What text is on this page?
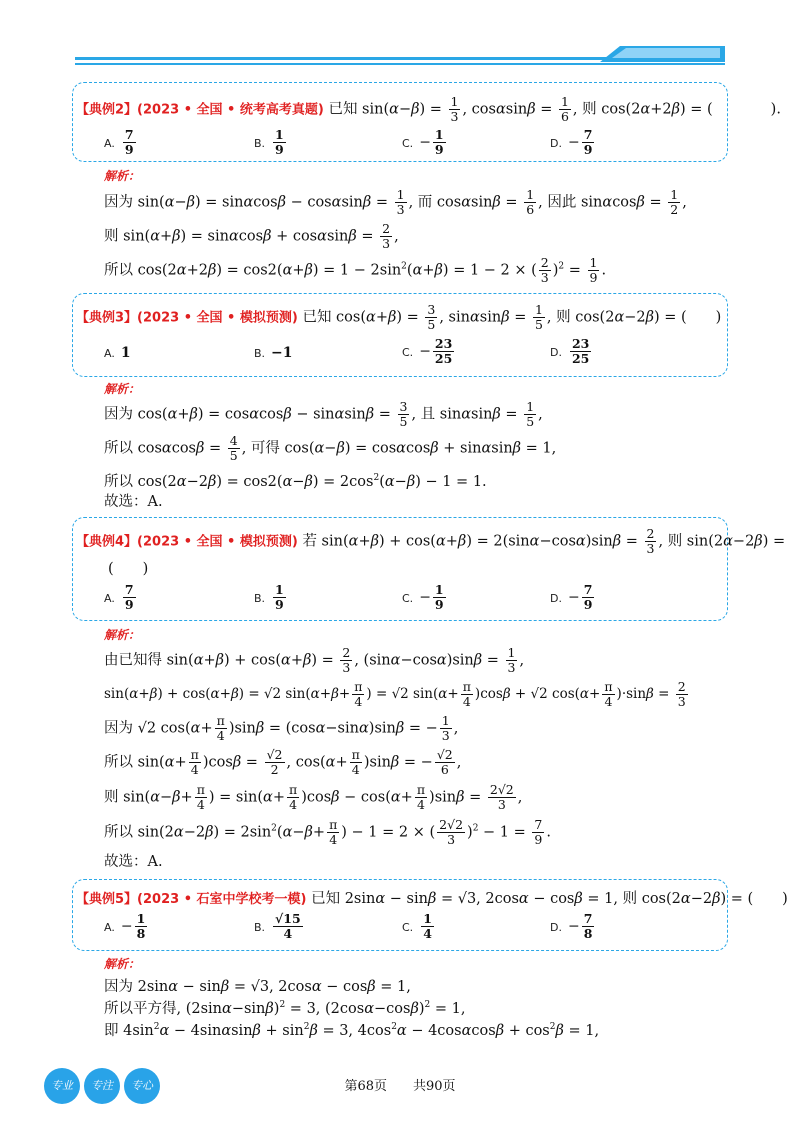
【典例2】(2023 • 全国 • 统考高考真题) 已知 $\sin(\alpha-\beta) = \frac{1}{3}$ , $\cos\alpha\sin\beta = \frac{1}{6}$ , 则 cos(2α+2β) = (　　　　).
A. $\frac{7}{9}$	B. $\frac{1}{9}$	C. − $\frac{1}{9}$	D. − $\frac{7}{9}$
解析：
因为 $\sin(\alpha-\beta) = \sin\alpha\cos\beta - \cos\alpha\sin\beta = \frac{1}{3}$ , 而 $\cos\alpha\sin\beta = \frac{1}{6}$ , 因此 $\sin\alpha\cos\beta = \frac{1}{2}$ ,
则 $\sin(\alpha+\beta) = \sin\alpha\cos\beta + \cos\alpha\sin\beta = \frac{2}{3}$ ,
所以 $\cos(2\alpha+2\beta) = \cos 2(\alpha+\beta) = 1 - 2\sin^2(\alpha+\beta) = 1 - 2$ × ( $\frac{2}{3} )^2 = \frac{1}{9}$ .
【典例3】(2023 • 全国 • 模拟预测) 已知 $\cos(\alpha+\beta) = \frac{3}{5}$ , $\sin\alpha\sin\beta = \frac{1}{5}$ , 则 cos(2α−2β) = (　　)
A. 1	B. −1	C. − $\frac{23}{25}$	D. $\frac{23}{25}$
解析：
因为 $\cos(\alpha+\beta) = \cos\alpha\cos\beta - \sin\alpha\sin\beta = \frac{3}{5}$ , 且 $\sin\alpha\sin\beta = \frac{1}{5}$ ,
所以 $\cos\alpha\cos\beta = \frac{4}{5}$ , 可得 cos(α−β) = cosαcosβ + sinαsinβ = 1,
所以 $\cos(2\alpha-2\beta) = \cos 2(\alpha-\beta) = 2\cos^2(\alpha-\beta) - 1 = 1$.
故选：A.
【典例4】(2023 • 全国 • 模拟预测) 若 $\sin(\alpha+\beta) + \cos(\alpha+\beta) = 2(\sin\alpha-\cos\alpha)\sin\beta = \frac{2}{3}$ , 则 sin(2α−2β) =
(　　)
A. $\frac{7}{9}$	B. $\frac{1}{9}$	C. − $\frac{1}{9}$	D. − $\frac{7}{9}$
解析：
由已知得 $\sin(\alpha+\beta) + \cos(\alpha+\beta) = \frac{2}{3}$ , $(\sin\alpha-\cos\alpha)\sin\beta = \frac{1}{3}$ ,
sin(α+β) + cos(α+β) = √2 $\sin(\alpha+\beta+ \frac{\pi}{4}$ ) = √2 $\sin(\alpha+ \frac{\pi}{4} )\cos\beta + √2$ $\cos(\alpha+ \frac{\pi}{4} )\cdot\sin\beta = \frac{2}{3}$
因为 √2 $\cos(\alpha+ \frac{\pi}{4} )\sin\beta = (\cos\alpha-\sin\alpha)\sin\beta$ = − $\frac{1}{3}$ ,
所以 $\sin(\alpha+ \frac{\pi}{4} )\cos\beta = \frac{√2}{2}$ , $\cos(\alpha+ \frac{\pi}{4} )\sin\beta$ = − $\frac{√2}{6}$ ,
则 $\sin(\alpha-\beta+ \frac{\pi}{4}$ ) = $\sin(\alpha+ \frac{\pi}{4} )\cos\beta - \cos(\alpha+ \frac{\pi}{4} )\sin\beta = \frac{2√2}{3}$ ,
所以 $\sin(2\alpha-2\beta) = 2\sin^2(\alpha-\beta+ \frac{\pi}{4}$ ) − 1 = 2 × ( $\frac{2√2}{3} )^2 - 1 = \frac{7}{9}$ .
故选：A.
【典例5】(2023 • 石室中学校考一模) 已知 2sinα − sinβ = √3, 2cosα − cosβ = 1, 则 cos(2α−2β) = (　　)
A. − $\frac{1}{8}$	B. $\frac{√15}{4}$	C. $\frac{1}{4}$	D. − $\frac{7}{8}$
解析：
因为 2sinα − sinβ = √3, 2cosα − cosβ = 1,
所以平方得, $(2\sin\alpha-\sin\beta)^2 = 3$, $(2\cos\alpha-\cos\beta)^2 = 1$,
即 $4\sin^2\alpha - 4\sin\alpha\sin\beta + \sin^2\beta = 3$, $4\cos^2\alpha - 4\cos\alpha\cos\beta + \cos^2\beta = 1$,
专业	专注	专心	第68页　　共90页
